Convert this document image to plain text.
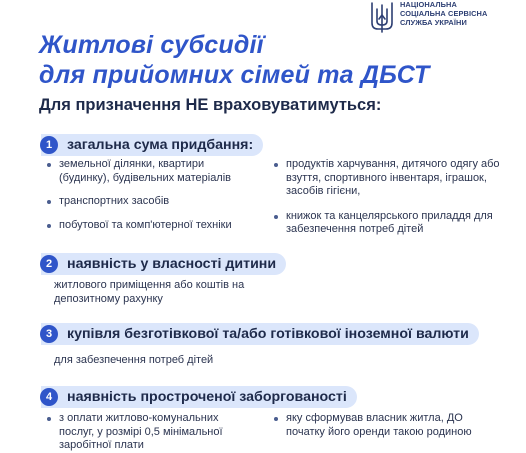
НАЦІОНАЛЬНА
СОЦІАЛЬНА СЕРВІСНА
СЛУЖБА УКРАЇНИ
Житлові субсидії
для прийомних сімей та ДБСТ

Для призначення НЕ враховуватимуться:

1	загальна сума придбання:
земельної ділянки, квартири (будинку), будівельних матеріалів
транспортних засобів
побутової та комп'ютерної техніки
продуктів харчування, дитячого одягу або взуття, спортивного інвентаря, іграшок, засобів гігієни,
книжок та канцелярського приладдя для забезпечення потреб дітей
2	наявність у власності дитини

житлового приміщення або коштів на депозитному рахунку

3	купівля безготівкової та/або готівкової іноземної валюти

для забезпечення потреб дітей

4	наявність простроченої заборгованості
з оплати житлово-комунальних послуг, у розмірі 0,5 мінімальної заробітної плати
яку сформував власник житла, ДО початку його оренди такою родиною
